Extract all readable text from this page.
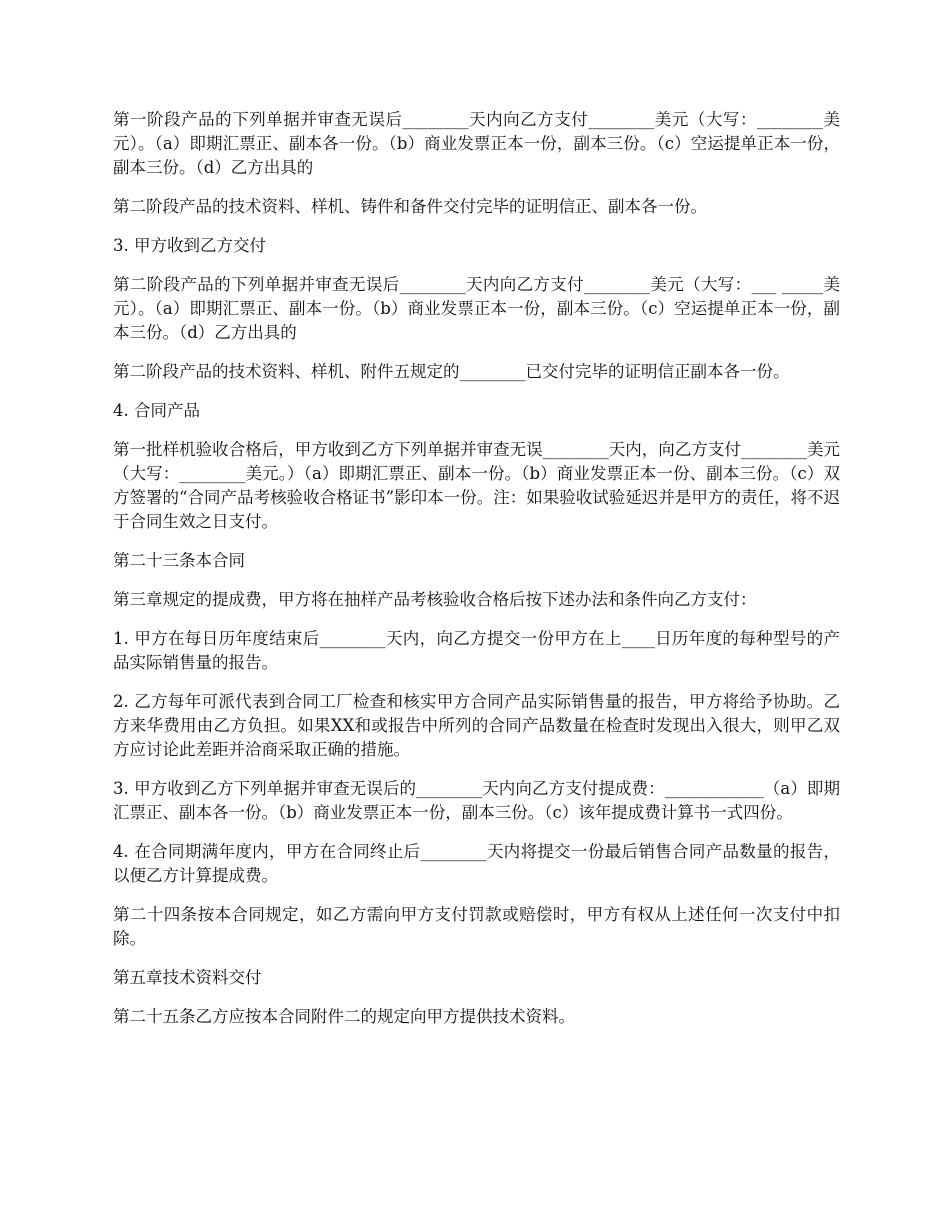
第一阶段产品的下列单据并审查无误后________天内向乙方支付________美元（大写：________美元）。（a）即期汇票正、副本各一份。（b）商业发票正本一份，副本三份。（c）空运提单正本一份，副本三份。（d）乙方出具的

第二阶段产品的技术资料、样机、铸件和备件交付完毕的证明信正、副本各一份。

3. 甲方收到乙方交付

第二阶段产品的下列单据并审查无误后________天内向乙方支付________美元（大写：___ _____美元）。（a）即期汇票正、副本一份。（b）商业发票正本一份，副本三份。（c）空运提单正本一份，副本三份。（d）乙方出具的

第二阶段产品的技术资料、样机、附件五规定的________已交付完毕的证明信正副本各一份。

4. 合同产品

第一批样机验收合格后，甲方收到乙方下列单据并审查无误________天内，向乙方支付________美元（大写：________美元。）（a）即期汇票正、副本一份。（b）商业发票正本一份、副本三份。（c）双方签署的“合同产品考核验收合格证书”影印本一份。注：如果验收试验延迟并是甲方的责任，将不迟于合同生效之日支付。

第二十三条本合同

第三章规定的提成费，甲方将在抽样产品考核验收合格后按下述办法和条件向乙方支付：

1. 甲方在每日历年度结束后________天内，向乙方提交一份甲方在上____日历年度的每种型号的产品实际销售量的报告。

2. 乙方每年可派代表到合同工厂检查和核实甲方合同产品实际销售量的报告，甲方将给予协助。乙方来华费用由乙方负担。如果XX和或报告中所列的合同产品数量在检查时发现出入很大，则甲乙双方应讨论此差距并洽商采取正确的措施。

3. 甲方收到乙方下列单据并审查无误后的________天内向乙方支付提成费：____________（a）即期汇票正、副本各一份。（b）商业发票正本一份，副本三份。（c）该年提成费计算书一式四份。

4. 在合同期满年度内，甲方在合同终止后________天内将提交一份最后销售合同产品数量的报告，以便乙方计算提成费。

第二十四条按本合同规定，如乙方需向甲方支付罚款或赔偿时，甲方有权从上述任何一次支付中扣除。

第五章技术资料交付

第二十五条乙方应按本合同附件二的规定向甲方提供技术资料。
